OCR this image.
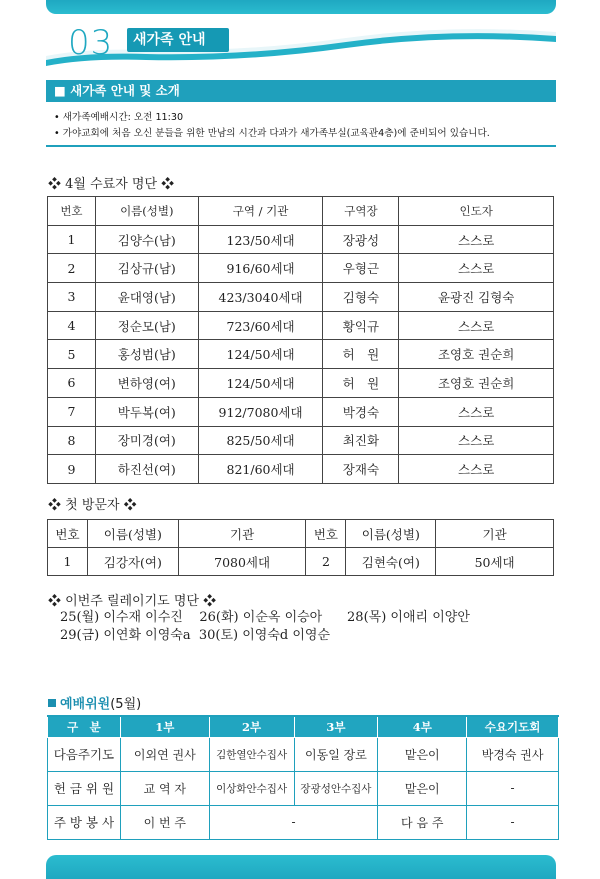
03	새가족 안내
■ 새가족 안내 및 소개
• 새가족예배시간: 오전 11:30
• 가야교회에 처음 오신 분들을 위한 만남의 시간과 다과가 새가족부실(교육관4층)에 준비되어 있습니다.
❖ 4월 수료자 명단 ❖
번호	이름(성별)	구역 / 기관	구역장	인도자
1	김양수(남)	123/50세대	장광성	스스로
2	김상규(남)	916/60세대	우형근	스스로
3	윤대영(남)	423/3040세대	김형숙	윤광진 김형숙
4	정순모(남)	723/60세대	황익규	스스로
5	홍성범(남)	124/50세대	허　원	조영호 권순희
6	변하영(여)	124/50세대	허　원	조영호 권순희
7	박두복(여)	912/7080세대	박경숙	스스로
8	장미경(여)	825/50세대	최진화	스스로
9	하진선(여)	821/60세대	장재숙	스스로
❖ 첫 방문자 ❖
번호	이름(성별)	기관	번호	이름(성별)	기관
1	김강자(여)	7080세대	2	김현숙(여)	50세대
❖ 이번주 릴레이기도 명단 ❖
25(월) 이수재 이수진    26(화) 이순옥 이승아      28(목) 이애리 이양안
29(금) 이연화 이영숙a  30(토) 이영숙d 이영순
예배위원(5월)
구　분	1부	2부	3부	4부	수요기도회
다음주기도	이외연 권사	김한열안수집사	이동일 장로	맡은이	박경숙 권사
헌 금 위 원	교 역 자	이상화안수집사	장광성안수집사	맡은이	-
주 방 봉 사	이 번 주	-		다 음 주	-
